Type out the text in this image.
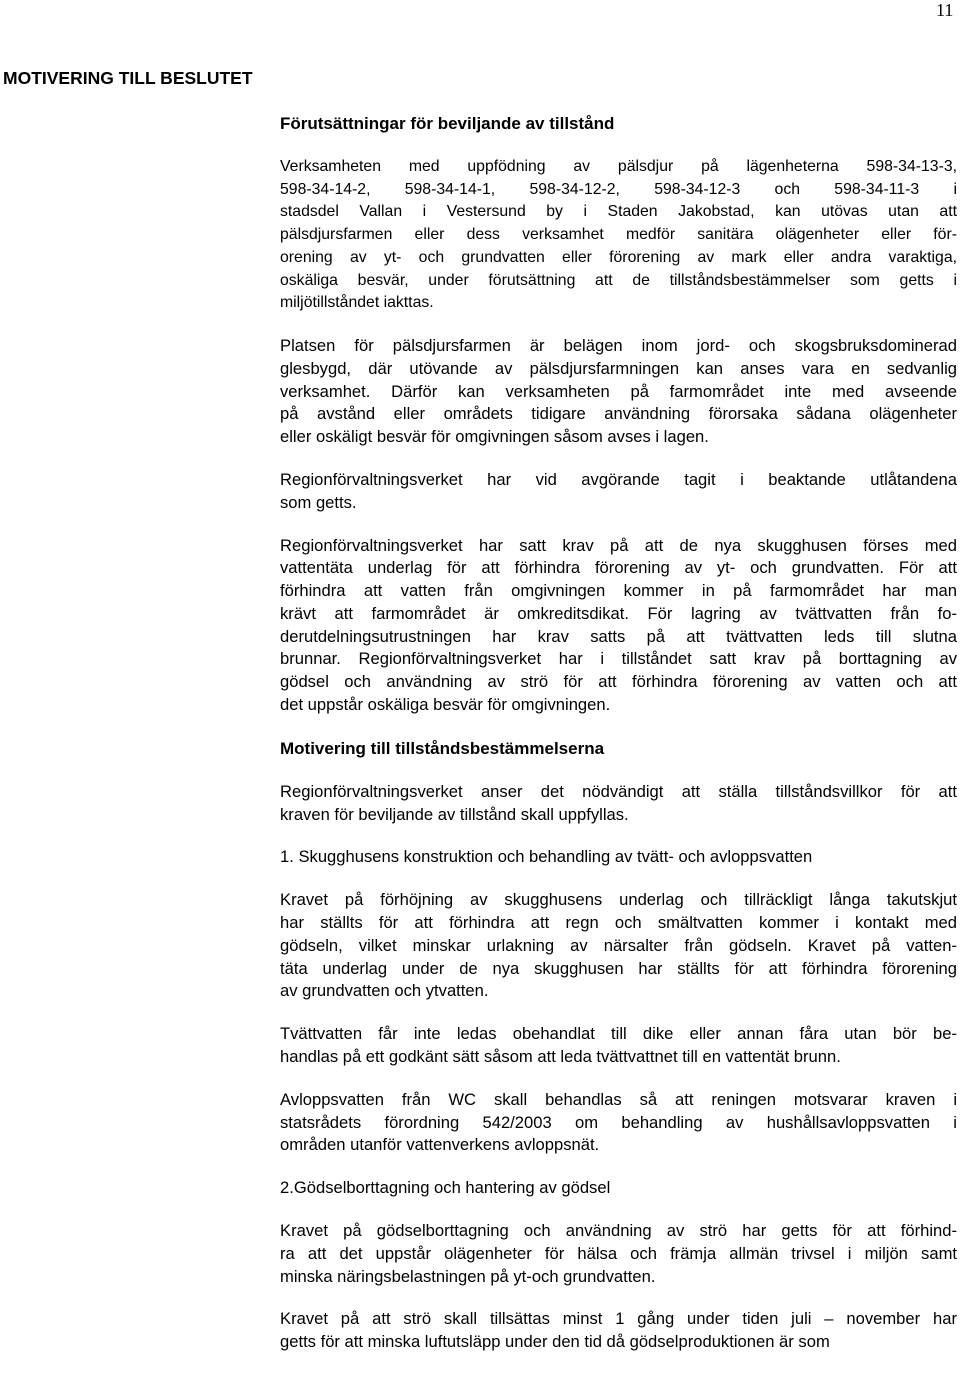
11
MOTIVERING TILL BESLUTET
Förutsättningar för beviljande av tillstånd

Verksamheten med uppfödning av pälsdjur på lägenheterna 598-34-13-3,
598-34-14-2, 598-34-14-1, 598-34-12-2, 598-34-12-3 och 598-34-11-3 i
stadsdel Vallan i Vestersund by i Staden Jakobstad, kan utövas utan att
pälsdjursfarmen eller dess verksamhet medför sanitära olägenheter eller för-
orening av yt- och grundvatten eller förorening av mark eller andra varaktiga,
oskäliga besvär, under förutsättning att de tillståndsbestämmelser som getts i
miljötillståndet iakttas.

Platsen för pälsdjursfarmen är belägen inom jord- och skogsbruksdominerad
glesbygd, där utövande av pälsdjursfarmningen kan anses vara en sedvanlig
verksamhet. Därför kan verksamheten på farmområdet inte med avseende
på avstånd eller områdets tidigare användning förorsaka sådana olägenheter
eller oskäligt besvär för omgivningen såsom avses i lagen.

Regionförvaltningsverket har vid avgörande tagit i beaktande utlåtandena
som getts.

Regionförvaltningsverket har satt krav på att de nya skugghusen förses med
vattentäta underlag för att förhindra förorening av yt- och grundvatten. För att
förhindra att vatten från omgivningen kommer in på farmområdet har man
krävt att farmområdet är omkreditsdikat. För lagring av tvättvatten från fo-
derutdelningsutrustningen har krav satts på att tvättvatten leds till slutna
brunnar. Regionförvaltningsverket har i tillståndet satt krav på borttagning av
gödsel och användning av strö för att förhindra förorening av vatten och att
det uppstår oskäliga besvär för omgivningen.

Motivering till tillståndsbestämmelserna

Regionförvaltningsverket anser det nödvändigt att ställa tillståndsvillkor för att
kraven för beviljande av tillstånd skall uppfyllas.

1. Skugghusens konstruktion och behandling av tvätt- och avloppsvatten

Kravet på förhöjning av skugghusens underlag och tillräckligt långa takutskjut
har ställts för att förhindra att regn och smältvatten kommer i kontakt med
gödseln, vilket minskar urlakning av närsalter från gödseln. Kravet på vatten-
täta underlag under de nya skugghusen har ställts för att förhindra förorening
av grundvatten och ytvatten.

Tvättvatten får inte ledas obehandlat till dike eller annan fåra utan bör be-
handlas på ett godkänt sätt såsom att leda tvättvattnet till en vattentät brunn.

Avloppsvatten från WC skall behandlas så att reningen motsvarar kraven i
statsrådets förordning 542/2003 om behandling av hushållsavloppsvatten i
områden utanför vattenverkens avloppsnät.

2.Gödselborttagning och hantering av gödsel

Kravet på gödselborttagning och användning av strö har getts för att förhind-
ra att det uppstår olägenheter för hälsa och främja allmän trivsel i miljön samt
minska näringsbelastningen på yt-och grundvatten.

Kravet på att strö skall tillsättas minst 1 gång under tiden juli – november har
getts för att minska luftutsläpp under den tid då gödselproduktionen är som
